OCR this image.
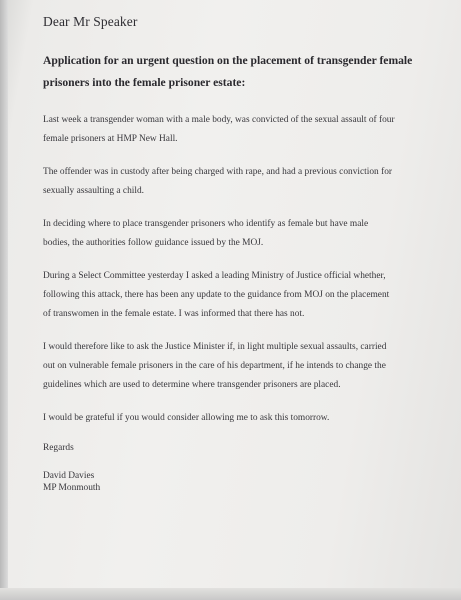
Dear Mr Speaker
Application for an urgent question on the placement of transgender female
prisoners into the female prisoner estate:
Last week a transgender woman with a male body, was convicted of the sexual assault of four
female prisoners at HMP New Hall.
The offender was in custody after being charged with rape, and had a previous conviction for
sexually assaulting a child.
In deciding where to place transgender prisoners who identify as female but have male
bodies, the authorities follow guidance issued by the MOJ.
During a Select Committee yesterday I asked a leading Ministry of Justice official whether,
following this attack, there has been any update to the guidance from MOJ on the placement
of transwomen in the female estate. I was informed that there has not.
I would therefore like to ask the Justice Minister if, in light multiple sexual assaults, carried
out on vulnerable female prisoners in the care of his department, if he intends to change the
guidelines which are used to determine where transgender prisoners are placed.
I would be grateful if you would consider allowing me to ask this tomorrow.
Regards
David Davies
MP Monmouth
